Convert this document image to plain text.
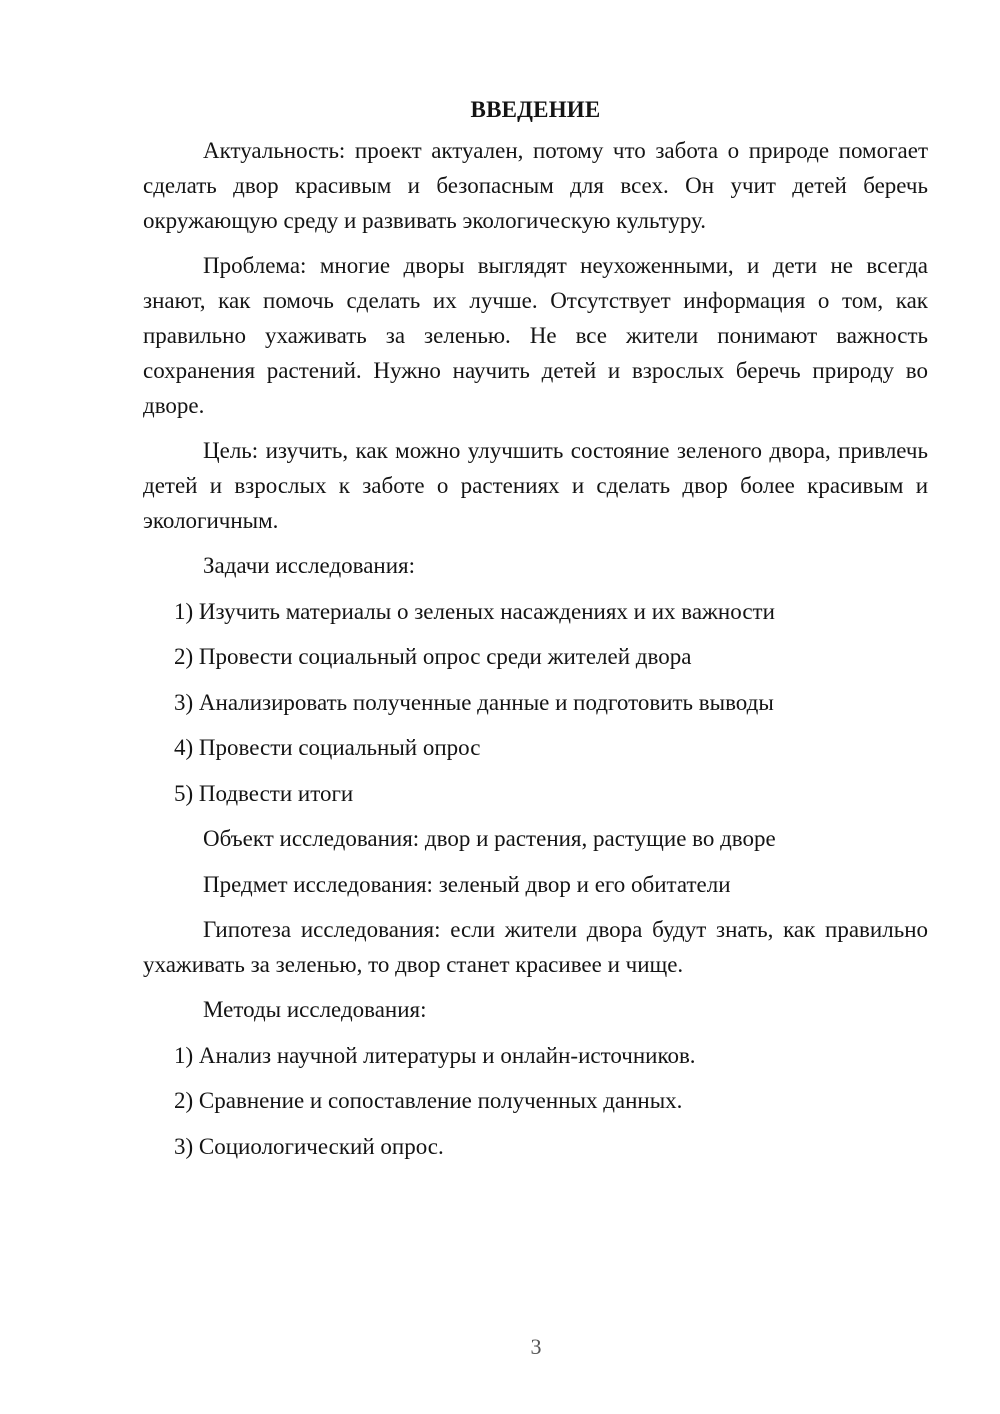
ВВЕДЕНИЕ

Актуальность: проект актуален, потому что забота о природе помогает сделать двор красивым и безопасным для всех. Он учит детей беречь окружающую среду и развивать экологическую культуру.

Проблема: многие дворы выглядят неухоженными, и дети не всегда знают, как помочь сделать их лучше. Отсутствует информация о том, как правильно ухаживать за зеленью. Не все жители понимают важность сохранения растений. Нужно научить детей и взрослых беречь природу во дворе.

Цель: изучить, как можно улучшить состояние зеленого двора, привлечь детей и взрослых к заботе о растениях и сделать двор более красивым и экологичным.

Задачи исследования:
1) Изучить материалы о зеленых насаждениях и их важности
2) Провести социальный опрос среди жителей двора
3) Анализировать полученные данные и подготовить выводы
4) Провести социальный опрос
5) Подвести итоги
Объект исследования: двор и растения, растущие во дворе
Предмет исследования: зеленый двор и его обитатели

Гипотеза исследования: если жители двора будут знать, как правильно ухаживать за зеленью, то двор станет красивее и чище.

Методы исследования:
1) Анализ научной литературы и онлайн-источников.
2) Сравнение и сопоставление полученных данных.
3) Социологический опрос.
3
